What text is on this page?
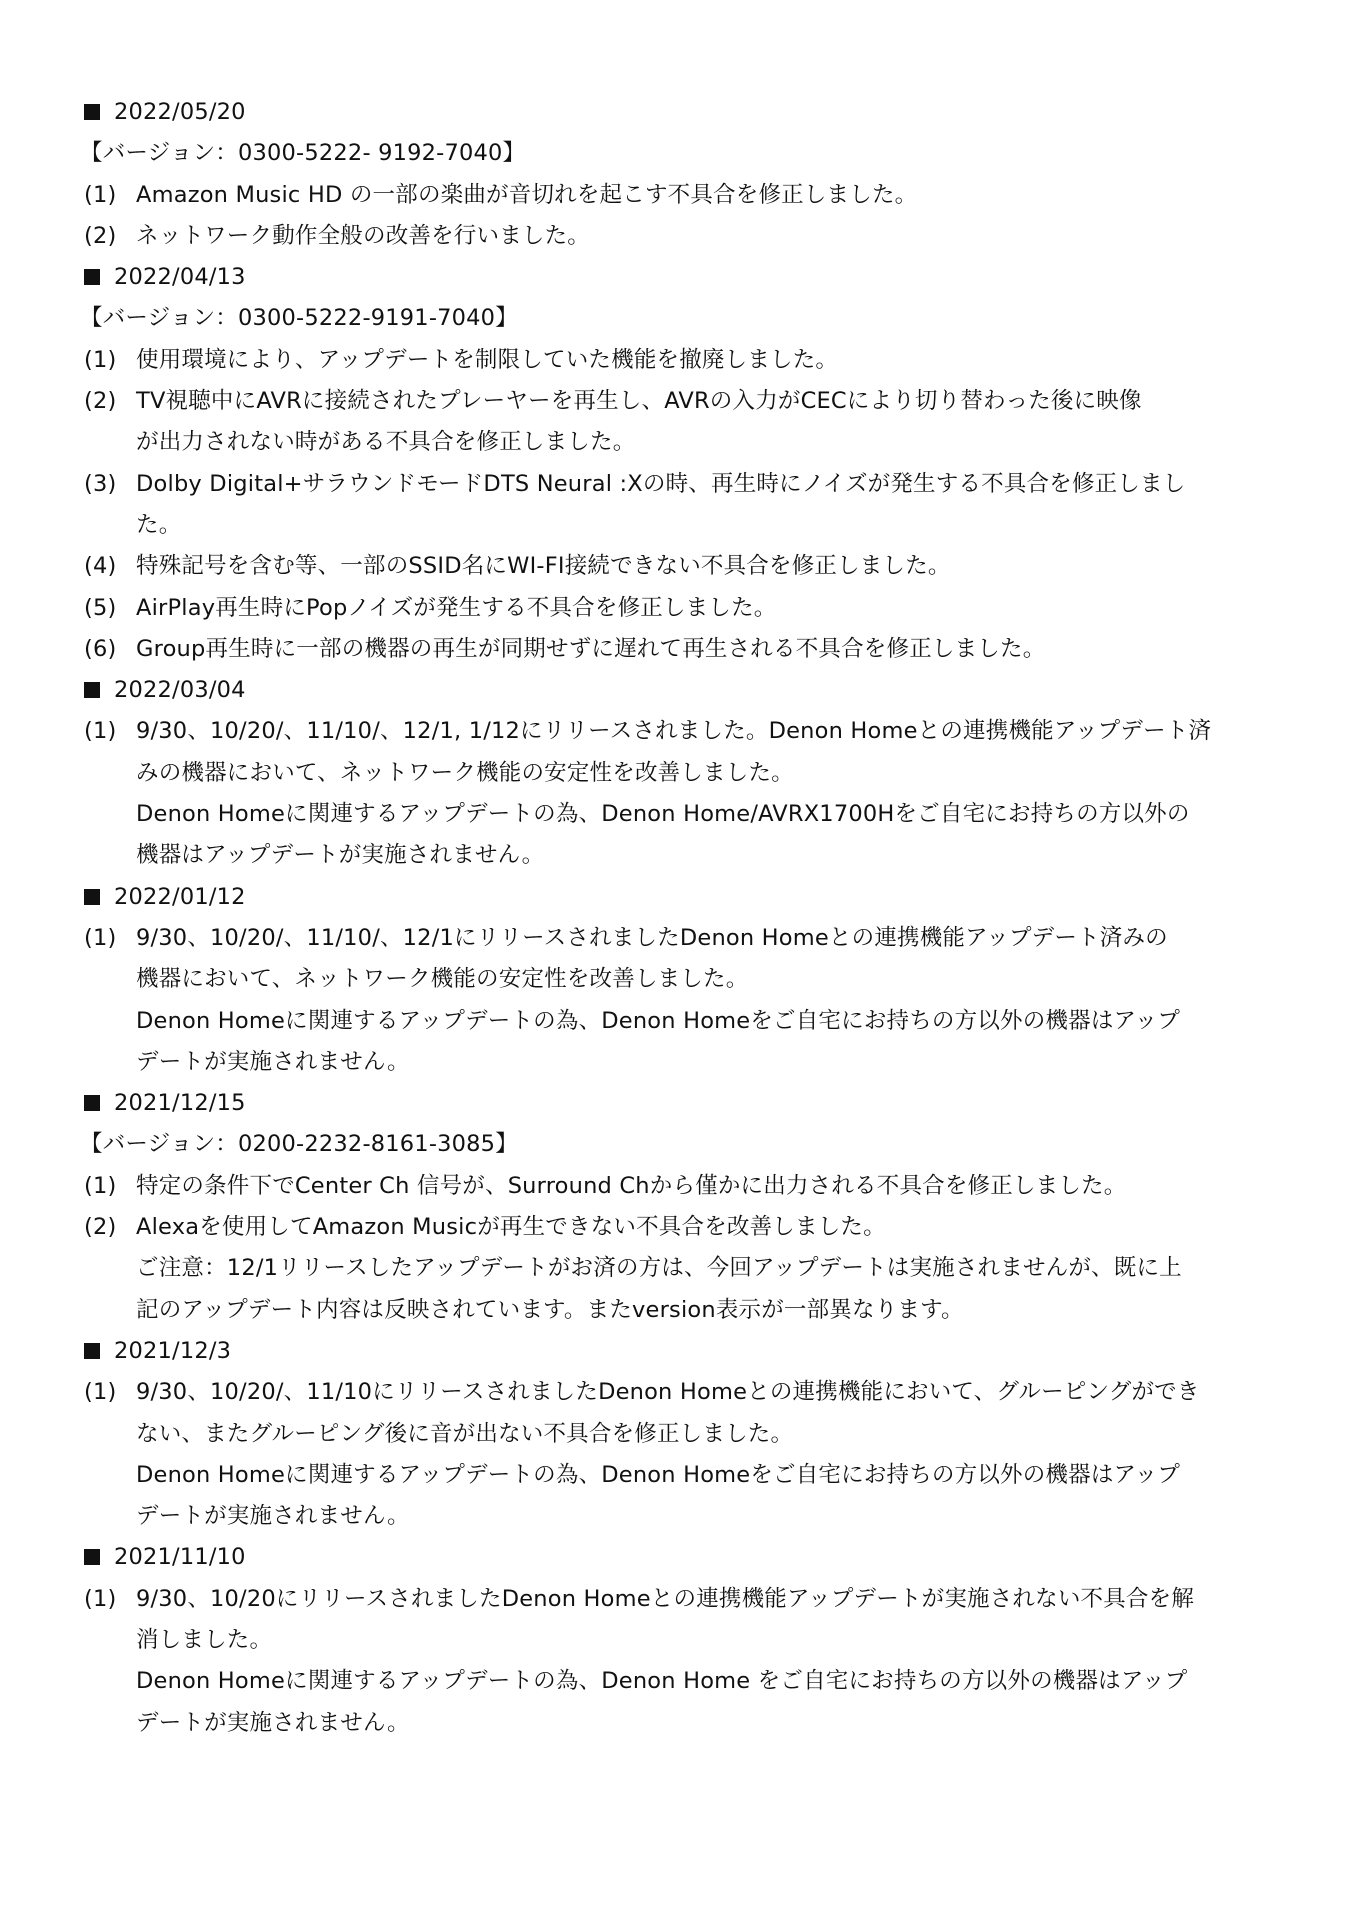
2022/05/20
【バージョン：0300-5222- 9192-7040】
(1) Amazon Music HD の一部の楽曲が音切れを起こす不具合を修正しました。
(2) ネットワーク動作全般の改善を行いました。
2022/04/13
【バージョン：0300-5222-9191-7040】
(1) 使用環境により、アップデートを制限していた機能を撤廃しました。
(2) TV視聴中にAVRに接続されたプレーヤーを再生し、AVRの入力がCECにより切り替わった後に映像
が出力されない時がある不具合を修正しました。
(3) Dolby Digital+サラウンドモードDTS Neural :Xの時、再生時にノイズが発生する不具合を修正しまし
た。
(4) 特殊記号を含む等、一部のSSID名にWI-FI接続できない不具合を修正しました。
(5) AirPlay再生時にPopノイズが発生する不具合を修正しました。
(6) Group再生時に一部の機器の再生が同期せずに遅れて再生される不具合を修正しました。
2022/03/04
(1) 9/30、10/20/、11/10/、12/1, 1/12にリリースされました。Denon Homeとの連携機能アップデート済
みの機器において、ネットワーク機能の安定性を改善しました。
Denon Homeに関連するアップデートの為、Denon Home/AVRX1700Hをご自宅にお持ちの方以外の
機器はアップデートが実施されません。
2022/01/12
(1) 9/30、10/20/、11/10/、12/1にリリースされましたDenon Homeとの連携機能アップデート済みの
機器において、ネットワーク機能の安定性を改善しました。
Denon Homeに関連するアップデートの為、Denon Homeをご自宅にお持ちの方以外の機器はアップ
デートが実施されません。
2021/12/15
【バージョン：0200-2232-8161-3085】
(1) 特定の条件下でCenter Ch 信号が、Surround Chから僅かに出力される不具合を修正しました。
(2) Alexaを使用してAmazon Musicが再生できない不具合を改善しました。
ご注意：12/1リリースしたアップデートがお済の方は、今回アップデートは実施されませんが、既に上
記のアップデート内容は反映されています。またversion表示が一部異なります。
2021/12/3
(1) 9/30、10/20/、11/10にリリースされましたDenon Homeとの連携機能において、グルーピングができ
ない、またグルーピング後に音が出ない不具合を修正しました。
Denon Homeに関連するアップデートの為、Denon Homeをご自宅にお持ちの方以外の機器はアップ
デートが実施されません。
2021/11/10
(1) 9/30、10/20にリリースされましたDenon Homeとの連携機能アップデートが実施されない不具合を解
消しました。
Denon Homeに関連するアップデートの為、Denon Home をご自宅にお持ちの方以外の機器はアップ
デートが実施されません。
